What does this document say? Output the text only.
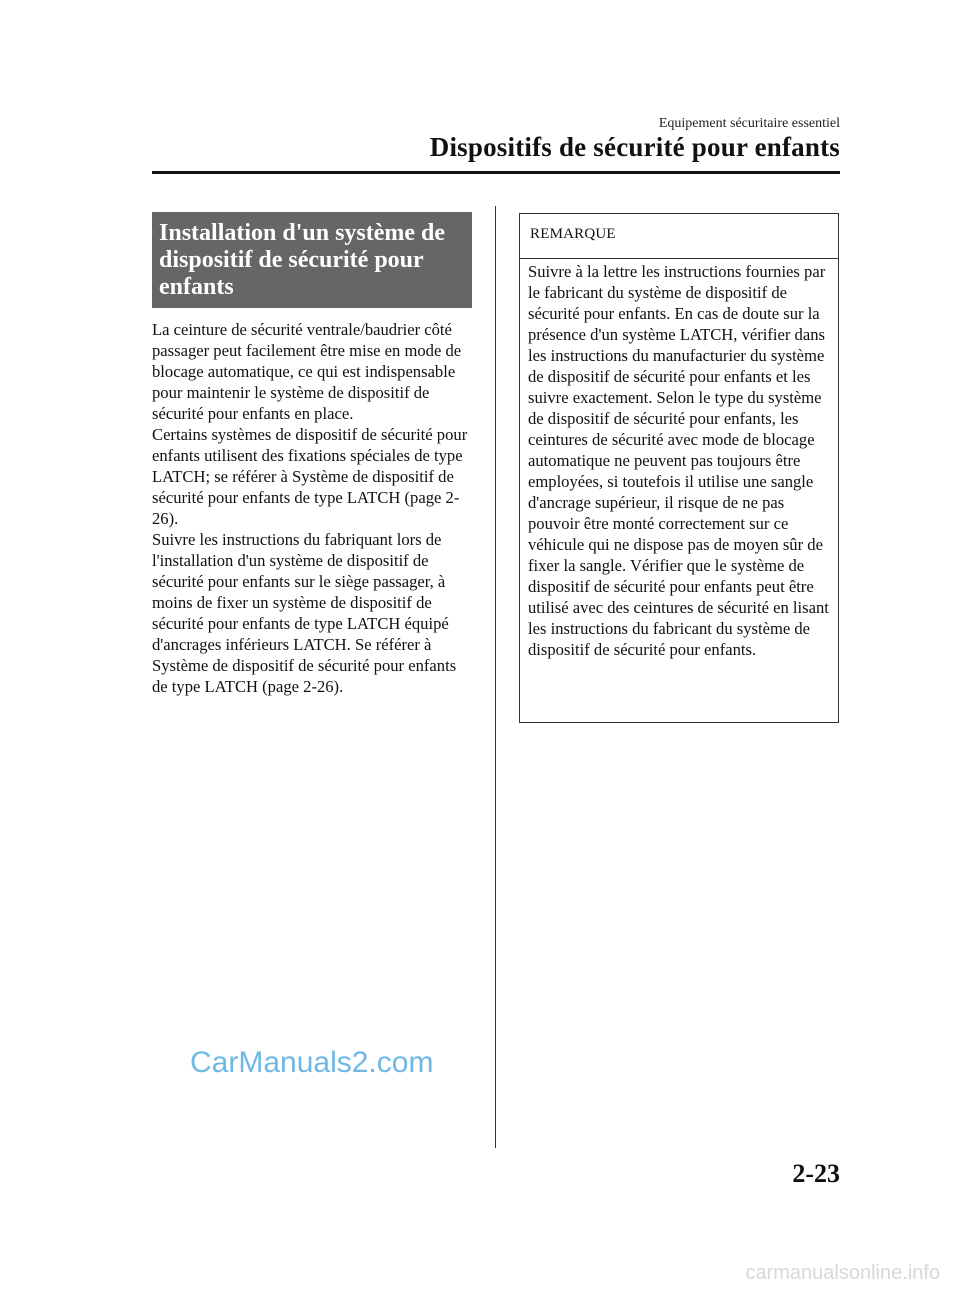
Equipement sécuritaire essentiel
Dispositifs de sécurité pour enfants
Installation d'un système de dispositif de sécurité pour enfants

La ceinture de sécurité ventrale/baudrier côté passager peut facilement être mise en mode de blocage automatique, ce qui est indispensable pour maintenir le système de dispositif de sécurité pour enfants en place.

Certains systèmes de dispositif de sécurité pour enfants utilisent des fixations spéciales de type LATCH; se référer à Système de dispositif de sécurité pour enfants de type LATCH (page 2-26).

Suivre les instructions du fabriquant lors de l'installation d'un système de dispositif de sécurité pour enfants sur le siège passager, à moins de fixer un système de dispositif de sécurité pour enfants de type LATCH équipé d'ancrages inférieurs LATCH. Se référer à Système de dispositif de sécurité pour enfants de type LATCH (page 2-26).

REMARQUE
Suivre à la lettre les instructions fournies par le fabricant du système de dispositif de sécurité pour enfants. En cas de doute sur la présence d'un système LATCH, vérifier dans les instructions du manufacturier du système de dispositif de sécurité pour enfants et les suivre exactement. Selon le type du système de dispositif de sécurité pour enfants, les ceintures de sécurité avec mode de blocage automatique ne peuvent pas toujours être employées, si toutefois il utilise une sangle d'ancrage supérieur, il risque de ne pas pouvoir être monté correctement sur ce véhicule qui ne dispose pas de moyen sûr de fixer la sangle. Vérifier que le système de dispositif de sécurité pour enfants peut être utilisé avec des ceintures de sécurité en lisant les instructions du fabricant du système de dispositif de sécurité pour enfants.
CarManuals2.com
2-23
carmanualsonline.info
